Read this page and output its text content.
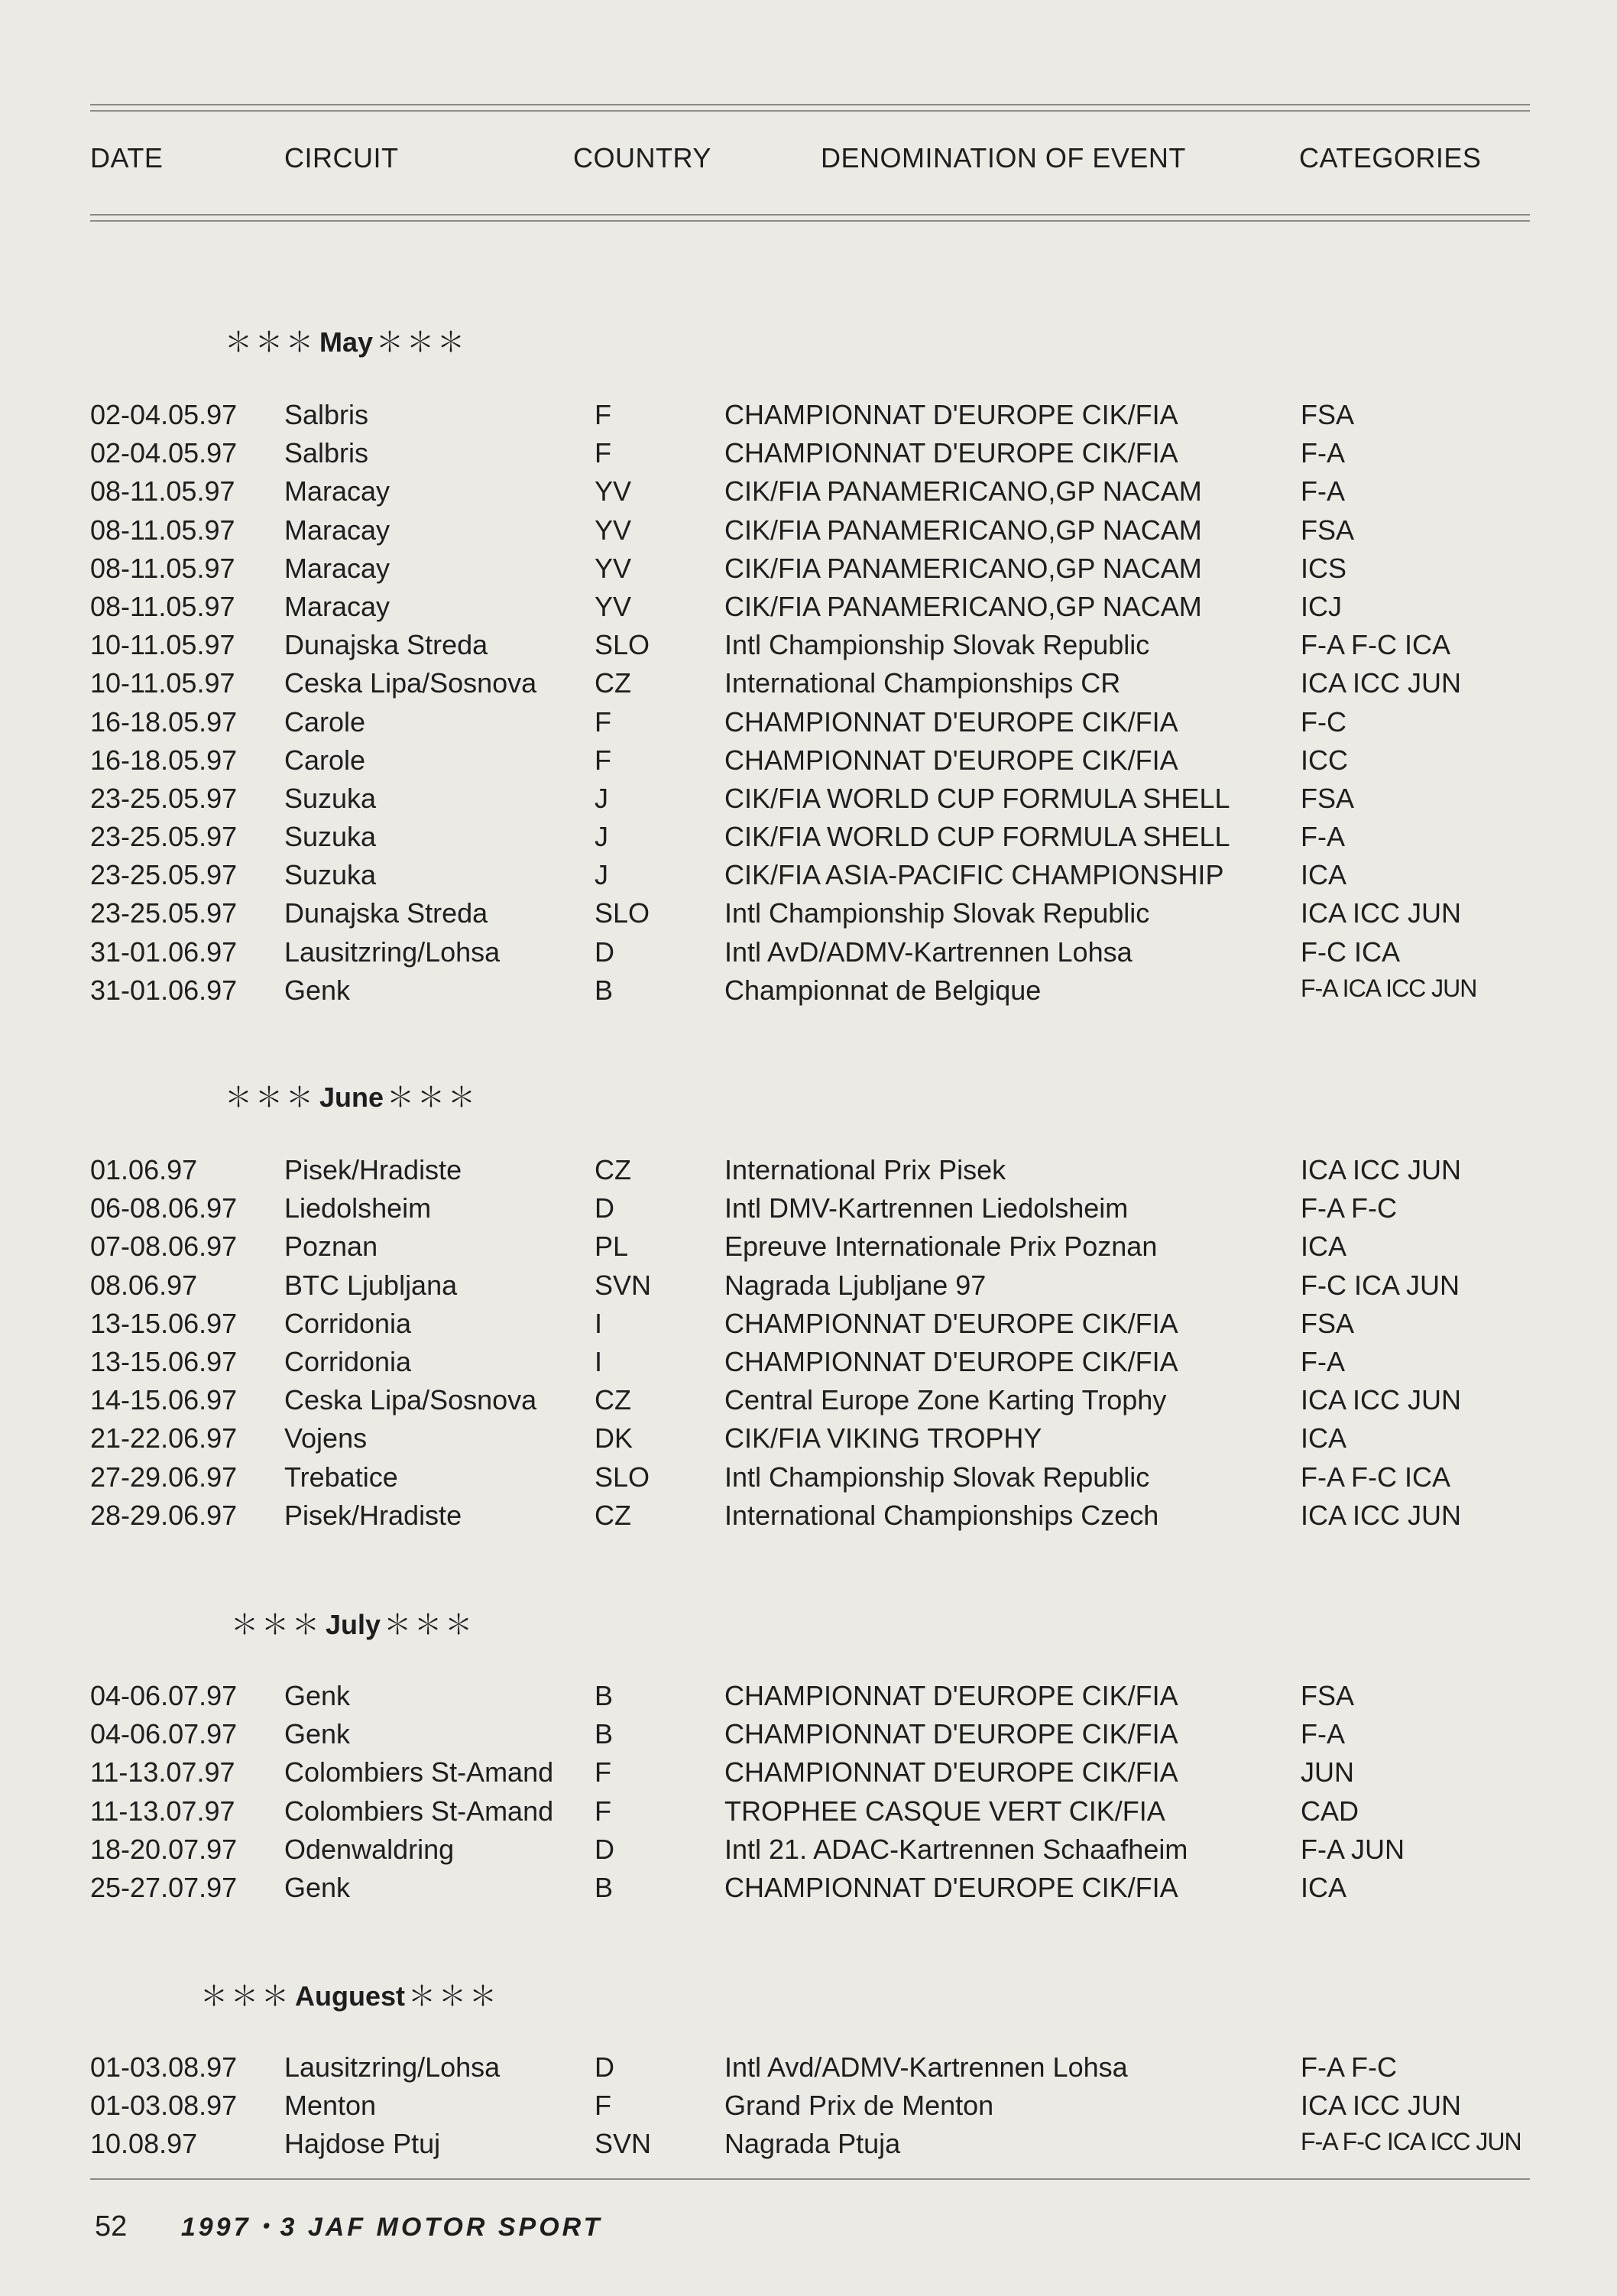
DATE	CIRCUIT	COUNTRY	DENOMINATION OF EVENT	CATEGORIES
＊＊＊ May ＊＊＊
02-04.05.97 Salbris	F	CHAMPIONNAT D'EUROPE CIK/FIA	FSA
02-04.05.97 Salbris	F	CHAMPIONNAT D'EUROPE CIK/FIA	F-A
08-11.05.97 Maracay	YV	CIK/FIA PANAMERICANO,GP NACAM	F-A
08-11.05.97 Maracay	YV	CIK/FIA PANAMERICANO,GP NACAM	FSA
08-11.05.97 Maracay	YV	CIK/FIA PANAMERICANO,GP NACAM	ICS
08-11.05.97 Maracay	YV	CIK/FIA PANAMERICANO,GP NACAM	ICJ
10-11.05.97 Dunajska Streda	SLO	Intl Championship Slovak Republic	F-A F-C ICA
10-11.05.97 Ceska Lipa/Sosnova CZ	International Championships CR	ICA ICC JUN
16-18.05.97 Carole	F	CHAMPIONNAT D'EUROPE CIK/FIA	F-C
16-18.05.97 Carole	F	CHAMPIONNAT D'EUROPE CIK/FIA	ICC
23-25.05.97 Suzuka	J	CIK/FIA WORLD CUP FORMULA SHELL	FSA
23-25.05.97 Suzuka	J	CIK/FIA WORLD CUP FORMULA SHELL	F-A
23-25.05.97 Suzuka	J	CIK/FIA ASIA-PACIFIC CHAMPIONSHIP	ICA
23-25.05.97 Dunajska Streda	SLO	Intl Championship Slovak Republic	ICA ICC JUN
31-01.06.97 Lausitzring/Lohsa	D	Intl AvD/ADMV-Kartrennen Lohsa	F-C ICA
31-01.06.97 Genk	B	Championnat de Belgique	F-A ICA ICC JUN
＊＊＊ June ＊＊＊
01.06.97	Pisek/Hradiste	CZ	International Prix Pisek	ICA ICC JUN
06-08.06.97 Liedolsheim	D	Intl DMV-Kartrennen Liedolsheim	F-A F-C
07-08.06.97 Poznan	PL	Epreuve Internationale Prix Poznan	ICA
08.06.97	BTC Ljubljana	SVN	Nagrada Ljubljane 97	F-C ICA JUN
13-15.06.97 Corridonia	I	CHAMPIONNAT D'EUROPE CIK/FIA	FSA
13-15.06.97 Corridonia	I	CHAMPIONNAT D'EUROPE CIK/FIA	F-A
14-15.06.97 Ceska Lipa/Sosnova CZ	Central Europe Zone Karting Trophy	ICA ICC JUN
21-22.06.97 Vojens	DK	CIK/FIA VIKING TROPHY	ICA
27-29.06.97 Trebatice	SLO	Intl Championship Slovak Republic	F-A F-C ICA
28-29.06.97 Pisek/Hradiste	CZ	International Championships Czech	ICA ICC JUN
＊＊＊ July ＊＊＊
04-06.07.97 Genk	B	CHAMPIONNAT D'EUROPE CIK/FIA	FSA
04-06.07.97 Genk	B	CHAMPIONNAT D'EUROPE CIK/FIA	F-A
11-13.07.97 Colombiers St-Amand F	CHAMPIONNAT D'EUROPE CIK/FIA	JUN
11-13.07.97 Colombiers St-Amand F	TROPHEE CASQUE VERT CIK/FIA	CAD
18-20.07.97 Odenwaldring	D	Intl 21. ADAC-Kartrennen Schaafheim	F-A JUN
25-27.07.97 Genk	B	CHAMPIONNAT D'EUROPE CIK/FIA	ICA
＊＊＊ Auguest ＊＊＊
01-03.08.97 Lausitzring/Lohsa	D	Intl Avd/ADMV-Kartrennen Lohsa	F-A F-C
01-03.08.97 Menton	F	Grand Prix de Menton	ICA ICC JUN
10.08.97	Hajdose Ptuj	SVN	Nagrada Ptuja	F-A F-C ICA ICC JUN
52 1997・3 JAF MOTOR SPORT
